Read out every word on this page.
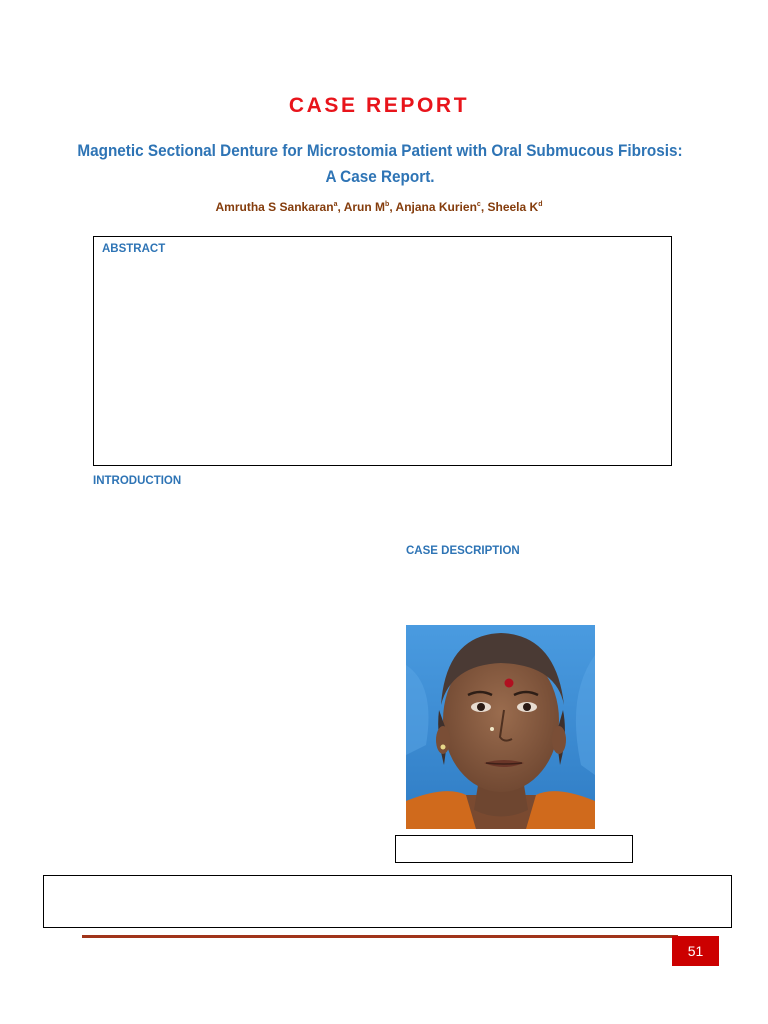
CASE REPORT
Magnetic Sectional Denture for Microstomia Patient with Oral Submucous Fibrosis: A Case Report.
Amrutha S Sankaran$^a$, Arun $M^b$, Anjana Kurien$^c$, Sheela $K^d$
ABSTRACT
INTRODUCTION
CASE DESCRIPTION
51
